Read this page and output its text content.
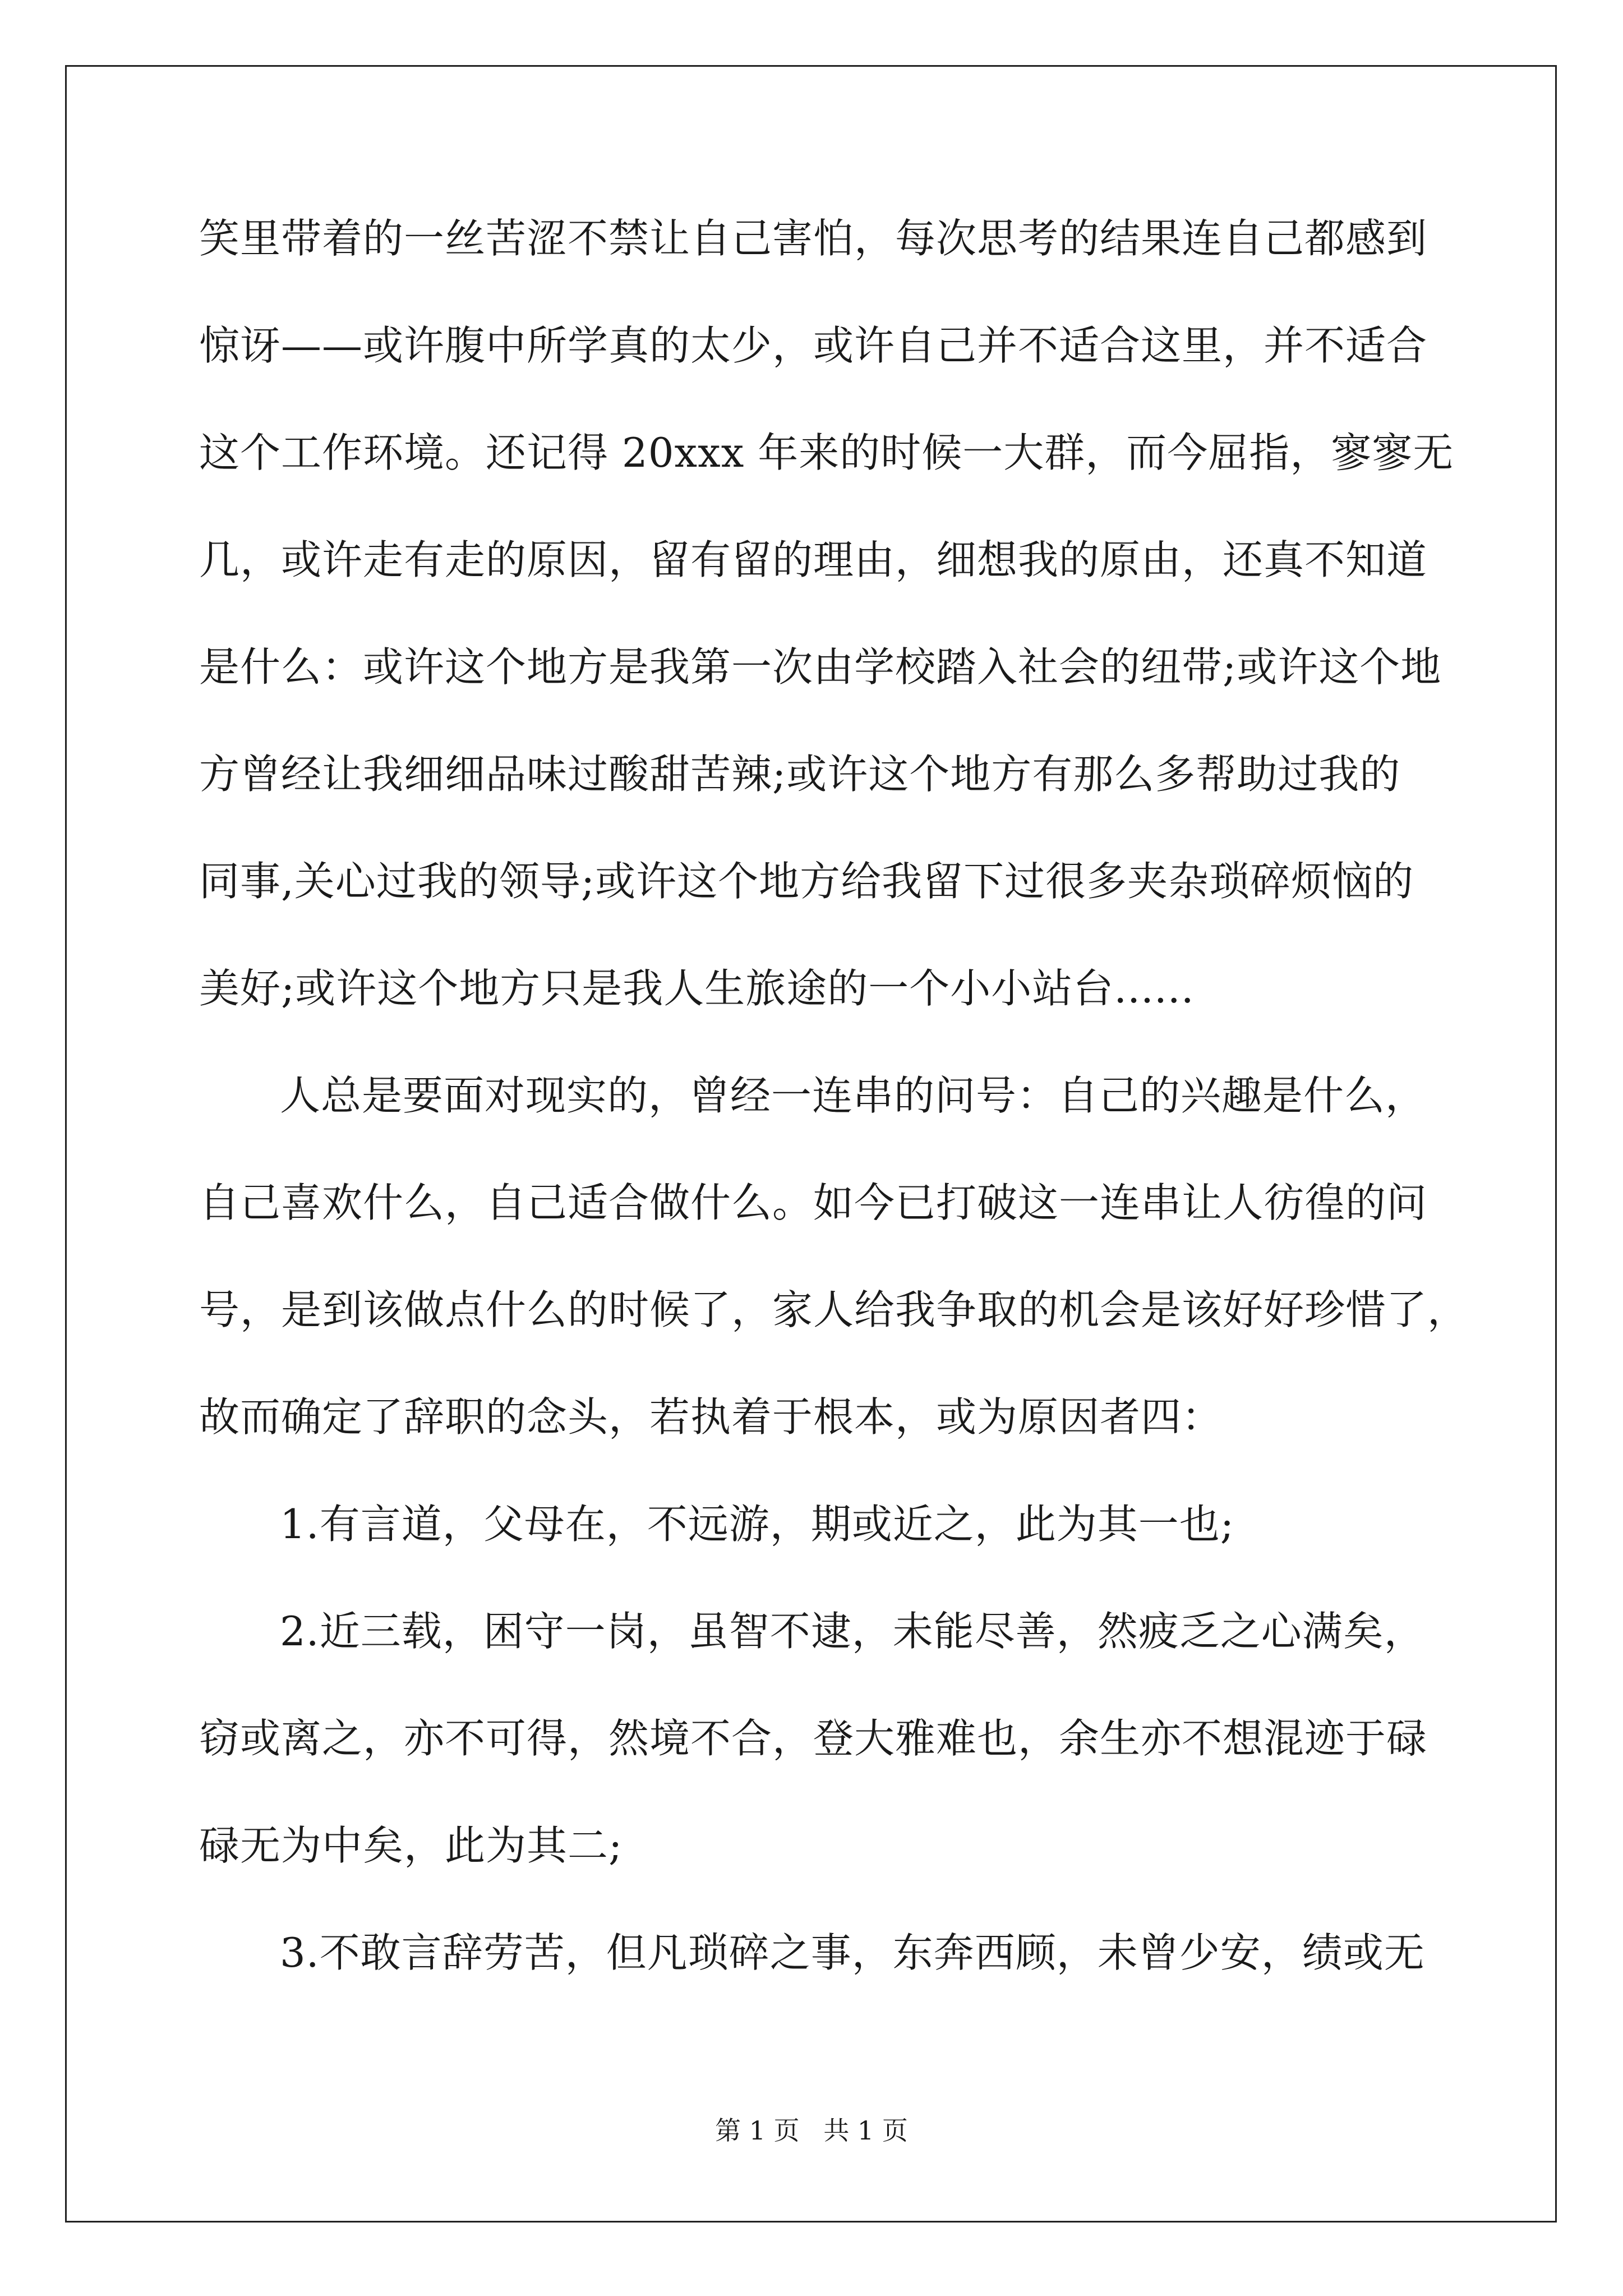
笑里带着的一丝苦涩不禁让自己害怕，每次思考的结果连自己都感到
惊讶——或许腹中所学真的太少，或许自己并不适合这里，并不适合
这个工作环境。还记得 20xxx 年来的时候一大群，而今屈指，寥寥无
几，或许走有走的原因，留有留的理由，细想我的原由，还真不知道
是什么：或许这个地方是我第一次由学校踏入社会的纽带;或许这个地
方曾经让我细细品味过酸甜苦辣;或许这个地方有那么多帮助过我的
同事,关心过我的领导;或许这个地方给我留下过很多夹杂琐碎烦恼的
美好;或许这个地方只是我人生旅途的一个小小站台......
人总是要面对现实的，曾经一连串的问号：自己的兴趣是什么，
自己喜欢什么，自己适合做什么。如今已打破这一连串让人彷徨的问
号，是到该做点什么的时候了，家人给我争取的机会是该好好珍惜了，
故而确定了辞职的念头，若执着于根本，或为原因者四：
1.有言道，父母在，不远游，期或近之，此为其一也;
2.近三载，困守一岗，虽智不逮，未能尽善，然疲乏之心满矣，
窃或离之，亦不可得，然境不合，登大雅难也，余生亦不想混迹于碌
碌无为中矣，此为其二;
3.不敢言辞劳苦，但凡琐碎之事，东奔西顾，未曾少安，绩或无
第 1 页 共 1 页
